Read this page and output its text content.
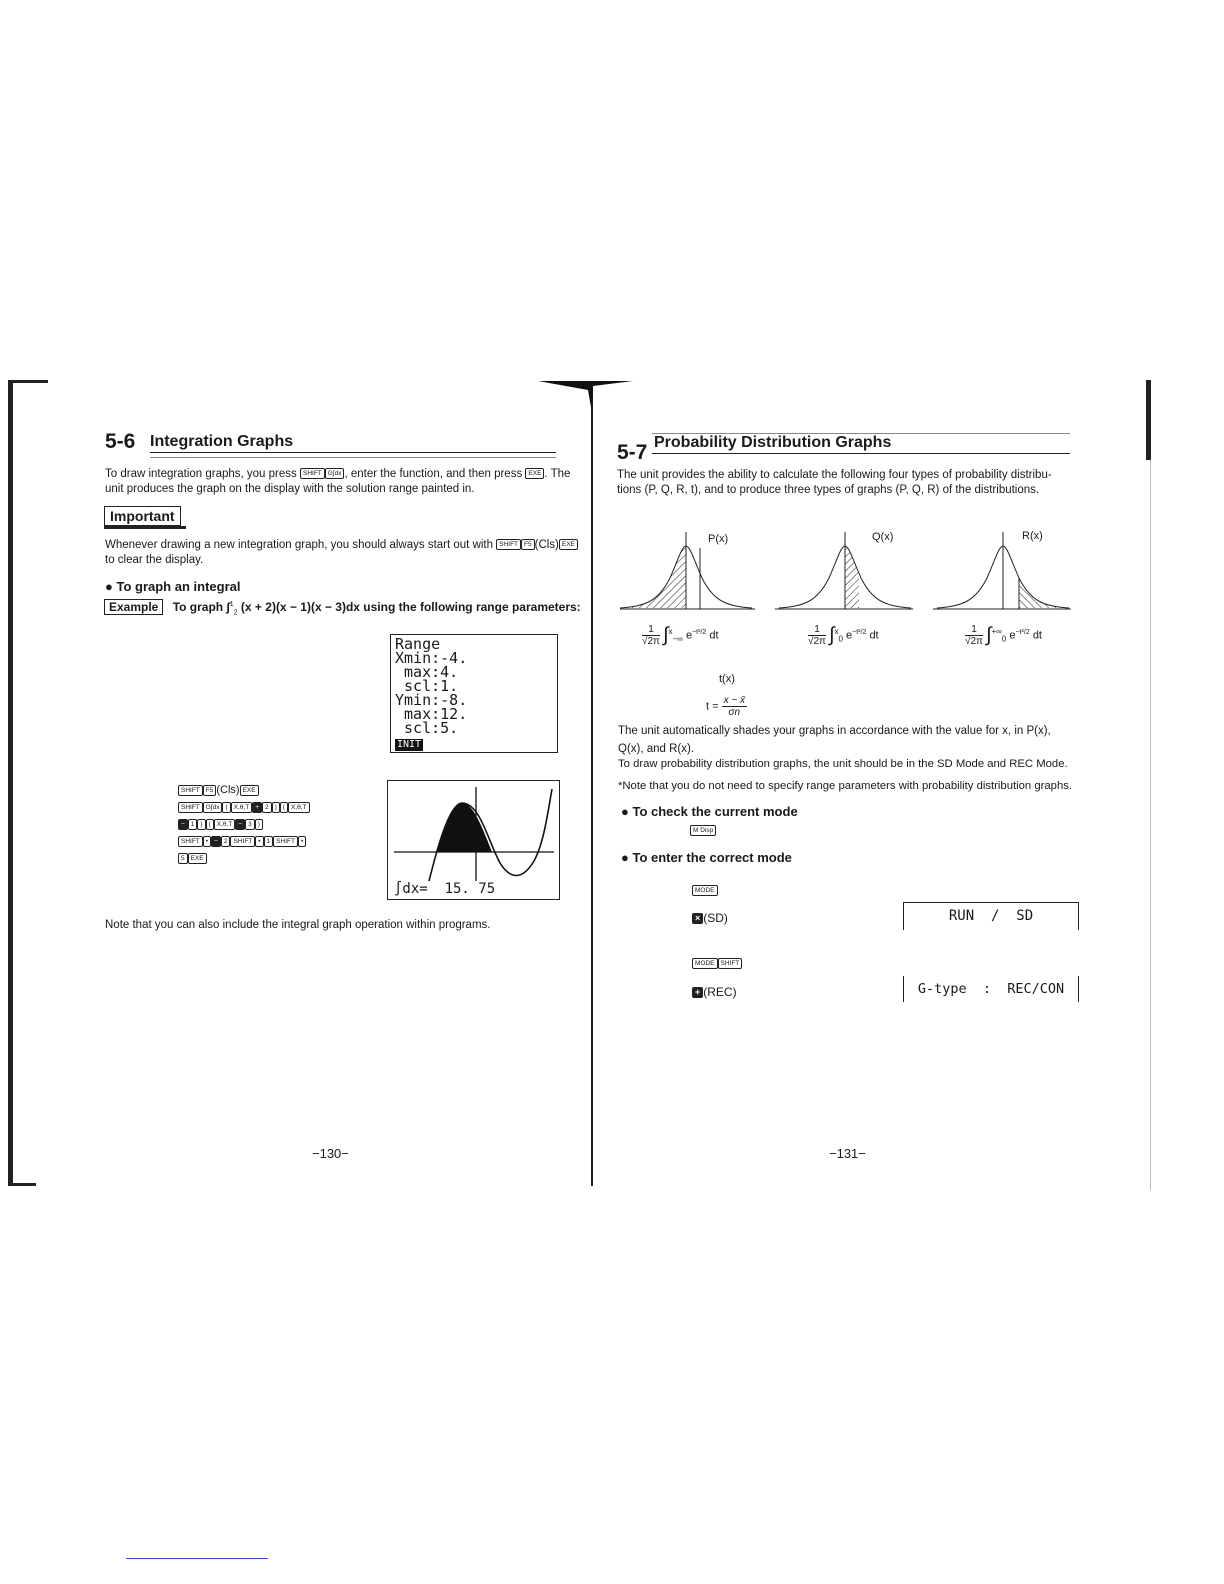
5-6 Integration Graphs
To draw integration graphs, you press SHIFT G∫dx , enter the function, and then press EXE . The
unit produces the graph on the display with the solution range painted in.
Important
Whenever drawing a new integration graph, you should always start out with SHIFT F5 (Cls) EXE
to clear the display.
● To graph an integral
Example To graph ∫$^1_2$ (x + 2)(x − 1)(x − 3)dx using the following range parameters:
Range
Xmin:-4.
max:4.
scl:1.
Ymin:-8.
max:12.
scl:5.
INIT
SHIFT F5 (Cls) EXE
SHIFT G∫dx ( X,θ,T + 2 ) ( X,θ,T
− 1 ) ( X,θ,T − 3 )
SHIFT • − 2 SHIFT • 1 SHIFT •
5 EXE
∫dx=  15. 75
Note that you can also include the integral graph operation within programs.
−130−
5-7 Probability Distribution Graphs
The unit provides the ability to calculate the following four types of probability distribu-
tions (P, Q, R, t), and to produce three types of graphs (P, Q, R) of the distributions.
P(x)	Q(x)	R(x)
$\frac{1}{√2\pi} \int^x_{-\infty}$ $e^{-t^2/2}$ dt	$\frac{1}{√2\pi} \int^x_0$ $e^{-t^2/2}$ dt	$\frac{1}{√2\pi} \int^{+\infty}_0$ $e^{-t^2/2}$ dt
t(x)
$t = \frac{x - x̄}{\sigma n}$
The unit automatically shades your graphs in accordance with the value for x, in P(x),
Q(x), and R(x).
To draw probability distribution graphs, the unit should be in the SD Mode and REC Mode.
*Note that you do not need to specify range parameters with probability distribution graphs.
● To check the current mode
M Disp
● To enter the correct mode
MODE
× (SD)
MODE SHIFT
+ (REC)
RUN  /  SD
G-type  :  REC/CON
−131−
